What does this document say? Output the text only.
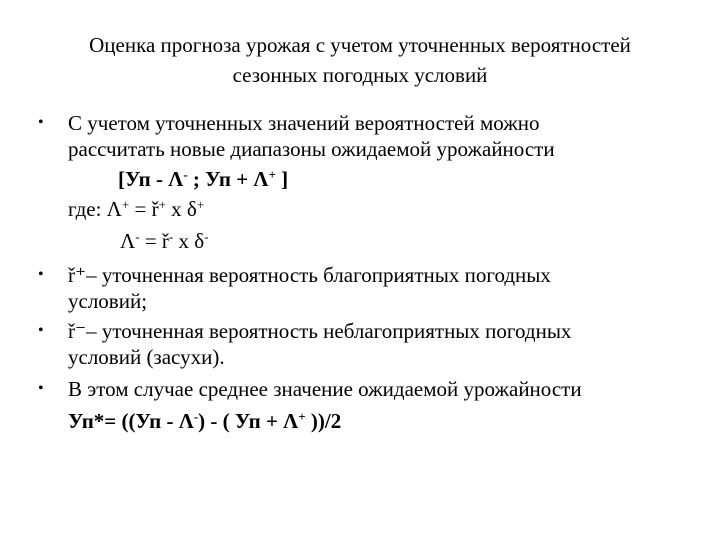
Оценка прогноза урожая с учетом уточненных вероятностей
сезонных погодных условий
• С учетом уточненных значений вероятностей можно
рассчитать новые диапазоны ожидаемой урожайности
[Уп - Λ- ; Уп + Λ+ ]
где: Λ+ = ř+ x δ+
Λ- = ř- x δ-
• ř⁺– уточненная вероятность благоприятных погодных
условий;
• ř⁻– уточненная вероятность неблагоприятных погодных
условий (засухи).
• В этом случае среднее значение ожидаемой урожайности
Уп*= ((Уп - Λ-) - ( Уп + Λ+ ))/2
